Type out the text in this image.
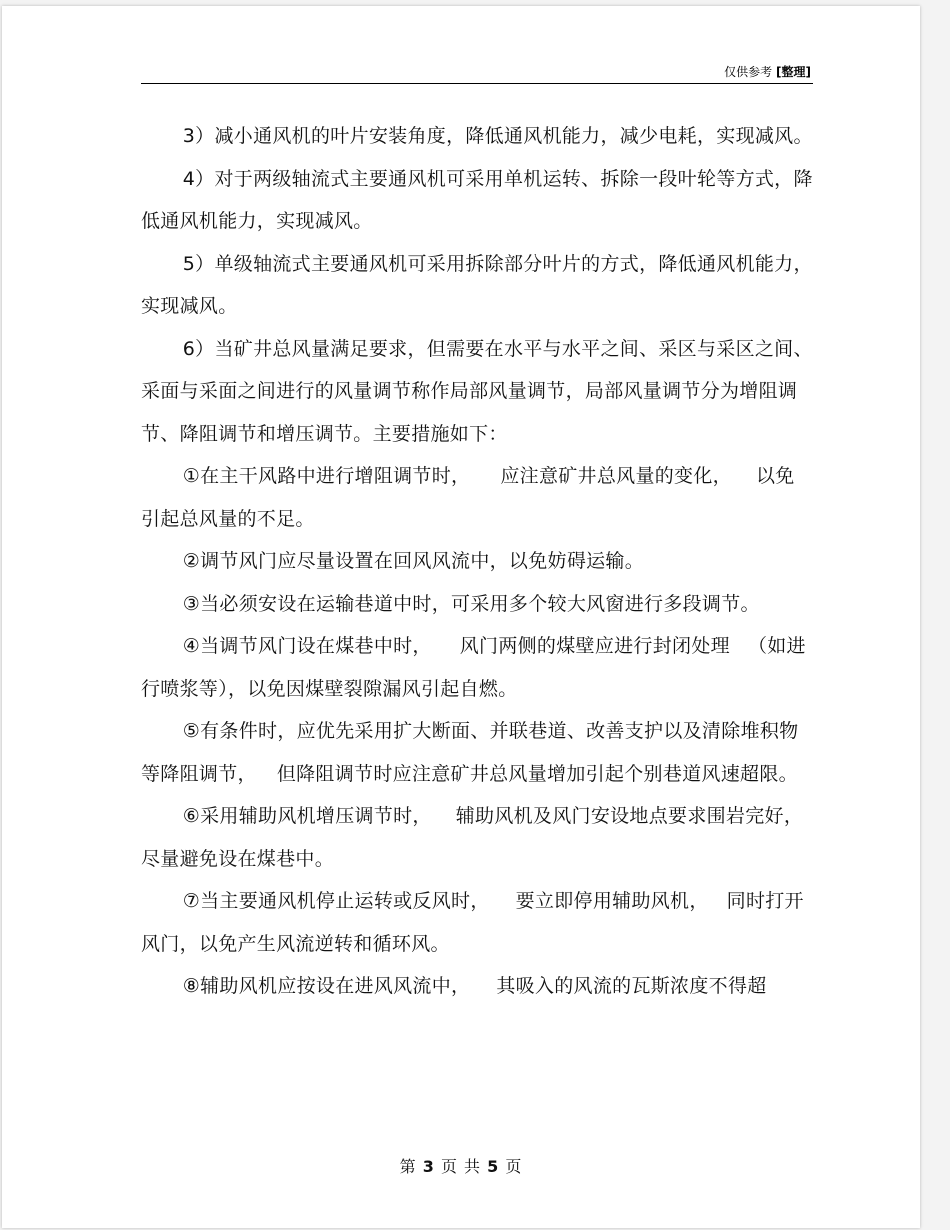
仅供参考 [整理]

3）减小通风机的叶片安装角度，降低通风机能力，减少电耗，实现减风。

4）对于两级轴流式主要通风机可采用单机运转、拆除一段叶轮等方式，降低通风机能力，实现减风。

5）单级轴流式主要通风机可采用拆除部分叶片的方式，降低通风机能力，实现减风。

6）当矿井总风量满足要求，但需要在水平与水平之间、采区与采区之间、采面与采面之间进行的风量调节称作局部风量调节，局部风量调节分为增阻调节、降阻调节和增压调节。主要措施如下：

①在主干风路中进行增阻调节时， 应注意矿井总风量的变化， 以免引起总风量的不足。

②调节风门应尽量设置在回风风流中，以免妨碍运输。

③当必须安设在运输巷道中时，可采用多个较大风窗进行多段调节。

④当调节风门设在煤巷中时， 风门两侧的煤壁应进行封闭处理 （如进行喷浆等），以免因煤壁裂隙漏风引起自燃。

⑤有条件时，应优先采用扩大断面、并联巷道、改善支护以及清除堆积物等降阻调节， 但降阻调节时应注意矿井总风量增加引起个别巷道风速超限。

⑥采用辅助风机增压调节时， 辅助风机及风门安设地点要求围岩完好，尽量避免设在煤巷中。

⑦当主要通风机停止运转或反风时， 要立即停用辅助风机， 同时打开风门，以免产生风流逆转和循环风。

⑧辅助风机应按设在进风风流中， 其吸入的风流的瓦斯浓度不得超

第 3 页 共 5 页
